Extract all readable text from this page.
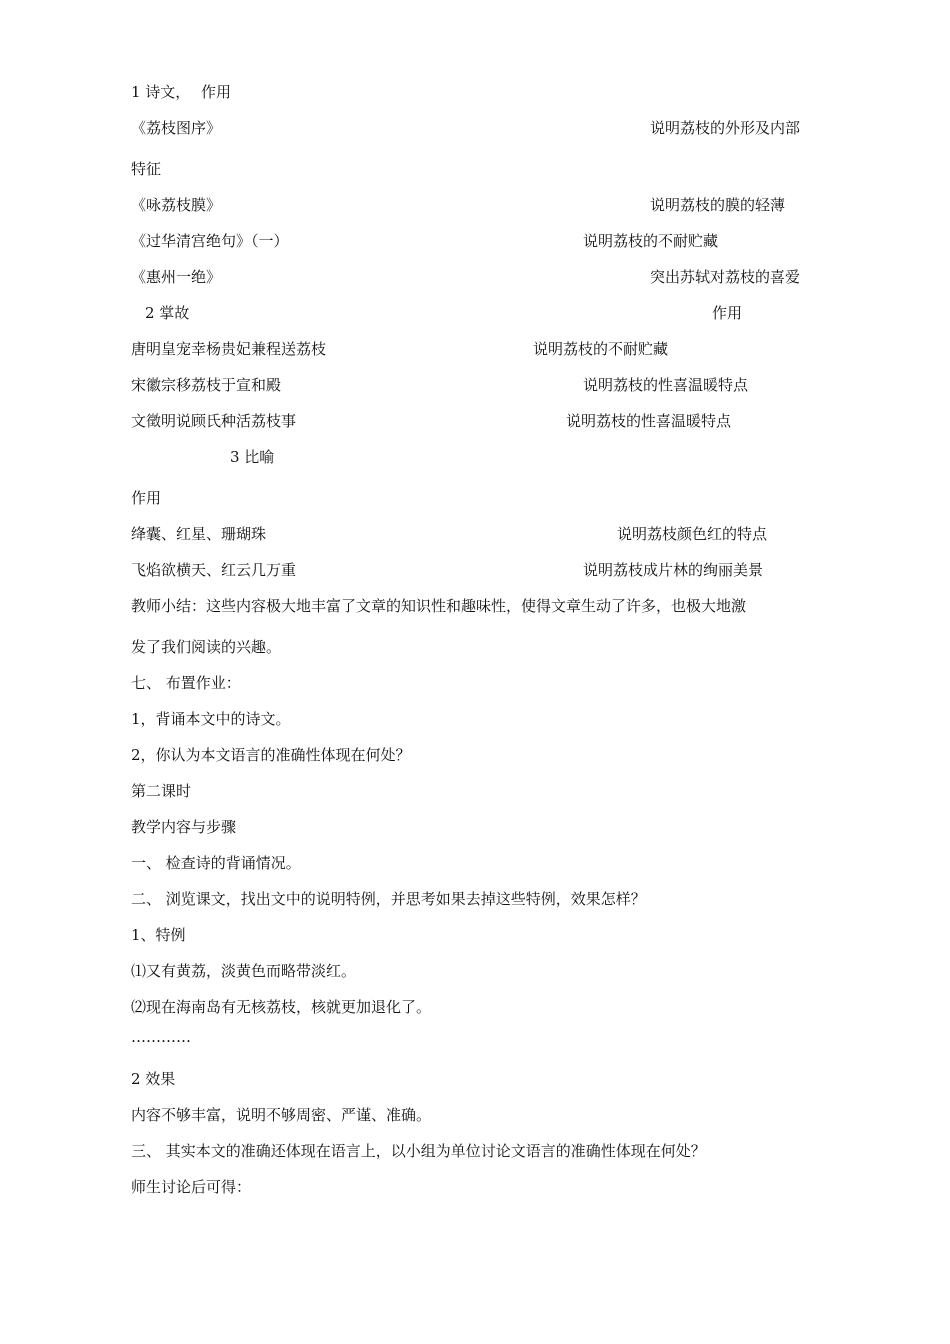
1 诗文， 作用
《荔枝图序》	说明荔枝的外形及内部
特征
《咏荔枝膜》	说明荔枝的膜的轻薄
《过华清宫绝句》（一）	说明荔枝的不耐贮藏
《惠州一绝》	突出苏轼对荔枝的喜爱
2 掌故	作用
唐明皇宠幸杨贵妃兼程送荔枝	说明荔枝的不耐贮藏
宋徽宗移荔枝于宣和殿	说明荔枝的性喜温暖特点
文徵明说顾氏种活荔枝事	说明荔枝的性喜温暖特点
3 比喻
作用
绛囊、红星、珊瑚珠	说明荔枝颜色红的特点
飞焰欲横天、红云几万重	说明荔枝成片林的绚丽美景
教师小结：这些内容极大地丰富了文章的知识性和趣味性，使得文章生动了许多，也极大地激
发了我们阅读的兴趣。
七、 布置作业：
1，背诵本文中的诗文。
2，你认为本文语言的准确性体现在何处？
第二课时
教学内容与步骤
一、 检查诗的背诵情况。
二、 浏览课文，找出文中的说明特例，并思考如果去掉这些特例，效果怎样？
1、特例
⑴又有黄荔，淡黄色而略带淡红。
⑵现在海南岛有无核荔枝，核就更加退化了。
…………
2 效果
内容不够丰富，说明不够周密、严谨、准确。
三、 其实本文的准确还体现在语言上，以小组为单位讨论文语言的准确性体现在何处？
师生讨论后可得：
